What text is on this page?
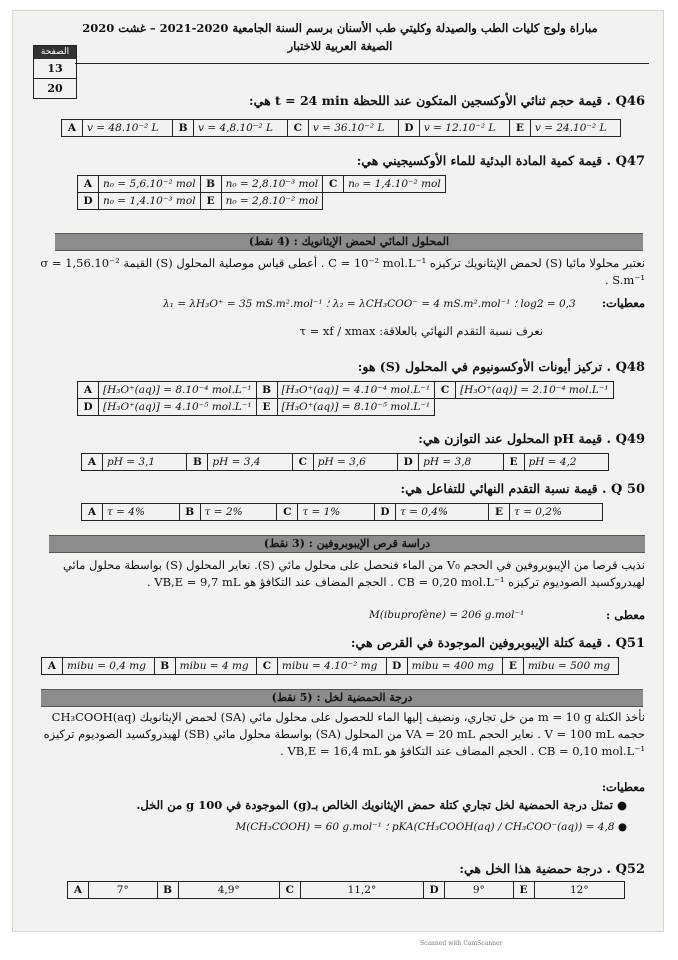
مباراة ولوج كليات الطب والصيدلة وكليتي طب الأسنان برسم السنة الجامعية 2020-2021 – غشت 2020
الصيغة العربية للاختبار
الصفحة
13
20
Q46 . قيمة حجم ثنائي الأوكسجين المتكون عند اللحظة t = 24 min هي:
A	v = 48.10⁻² L	B	v = 4,8.10⁻² L	C	v = 36.10⁻² L	D	v = 12.10⁻² L	E	v = 24.10⁻² L
Q47 . قيمة كمية المادة البدئية للماء الأوكسيجيني هي:
A	n₀ = 5,6.10⁻² mol	B	n₀ = 2,8.10⁻³ mol	C	n₀ = 1,4.10⁻² mol
D	n₀ = 1,4.10⁻³ mol	E	n₀ = 2,8.10⁻² mol		
المحلول المائي لحمض الإيثانويك : (4 نقط)
نعتبر محلولا مائيا (S) لحمض الإيثانويك تركيزه C = 10⁻² mol.L⁻¹ . أعطى قياس موصلية المحلول (S) القيمة σ = 1,56.10⁻² S.m⁻¹ .
معطيات:
λ₁ = λH₃O⁺ = 35 mS.m².mol⁻¹ ؛ λ₂ = λCH₃COO⁻ = 4 mS.m².mol⁻¹ ؛ log2 = 0,3
نعرف نسبة التقدم النهائي بالعلاقة: τ = xf / xmax
Q48 . تركيز أيونات الأوكسونيوم في المحلول (S) هو:
A	[H₃O⁺(aq)] = 8.10⁻⁴ mol.L⁻¹	B	[H₃O⁺(aq)] = 4.10⁻⁴ mol.L⁻¹	C	[H₃O⁺(aq)] = 2.10⁻⁴ mol.L⁻¹
D	[H₃O⁺(aq)] = 4.10⁻⁵ mol.L⁻¹	E	[H₃O⁺(aq)] = 8.10⁻⁵ mol.L⁻¹		
Q49 . قيمة pH المحلول عند التوازن هي:
A	pH = 3,1	B	pH = 3,4	C	pH = 3,6	D	pH = 3,8	E	pH = 4,2
Q 50 . قيمة نسبة التقدم النهائي للتفاعل هي:
A	τ = 4%	B	τ = 2%	C	τ = 1%	D	τ = 0,4%	E	τ = 0,2%
دراسة قرص الإيبوبروفين : (3 نقط)
نذيب قرصا من الإيبوبروفين في الحجم V₀ من الماء فنحصل على محلول مائي (S). نعاير المحلول (S) بواسطة محلول مائي لهيدروكسيد الصوديوم تركيزه CB = 0,20 mol.L⁻¹ . الحجم المضاف عند التكافؤ هو VB,E = 9,7 mL .
معطى :
M(ibuprofène) = 206 g.mol⁻¹
Q51 . قيمة كتلة الإيبوبروفين الموجودة في القرص هي:
A	mibu = 0,4 mg	B	mibu = 4 mg	C	mibu = 4.10⁻² mg	D	mibu = 400 mg	E	mibu = 500 mg
درجة الحمضية لخل : (5 نقط)
نأخذ الكتلة m = 10 g من خل تجاري، ونضيف إليها الماء للحصول على محلول مائي (SA) لحمض الإيثانويك CH₃COOH(aq) حجمه V = 100 mL . نعاير الحجم VA = 20 mL من المحلول (SA) بواسطة محلول مائي (SB) لهيدروكسيد الصوديوم تركيزه CB = 0,10 mol.L⁻¹ . الحجم المضاف عند التكافؤ هو VB,E = 16,4 mL .
معطيات:
● تمثل درجة الحمضية لخل تجاري كتلة حمض الإيثانويك الخالص بـ(g) الموجودة في 100 g من الخل.
● pKA(CH₃COOH(aq) / CH₃COO⁻(aq)) = 4,8 ؛ M(CH₃COOH) = 60 g.mol⁻¹
Q52 . درجة حمضية هذا الخل هي:
A	7°	B	4,9°	C	11,2°	D	9°	E	12°
Scanned with CamScanner
